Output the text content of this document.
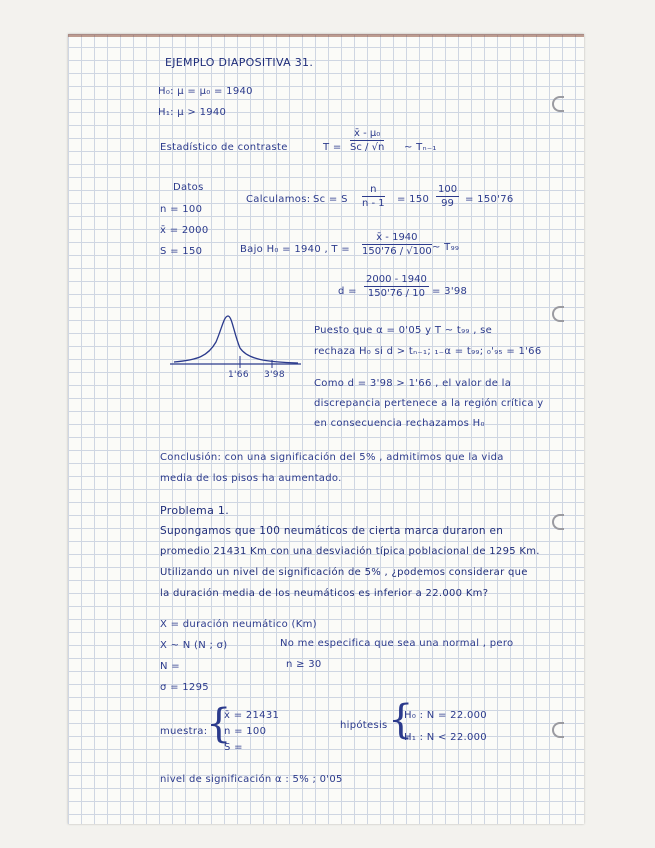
EJEMPLO DIAPOSITIVA 31.
H₀: μ = μ₀ = 1940
H₁: μ > 1940
Estadístico de contraste	$T = \frac{\text{x̄ - μ₀}}{Sc / √n}$ ~ Tₙ₋₁
Datos
n = 100
x̄ = 2000
S = 150
Calculamos: Sc = S $\frac{n}{n - 1} = 150 \frac{100}{99} = 150'76$
Bajo H₀ = 1940 , $T = \frac{x̄ - 1940}{150'76 / √100}$ ~ T₉₉
$d = \frac{2000 - 1940}{150'76 / 10} = 3'98$
1'66 3'98
Puesto que α = 0'05 y T ~ t₉₉ , se
rechaza H₀ si d > tₙ₋₁; ₁₋α = t₉₉; ₀'₉₅ = 1'66
Como d = 3'98 > 1'66 , el valor de la
discrepancia pertenece a la región crítica y
en consecuencia rechazamos H₀
Conclusión: con una significación del 5% , admitimos que la vida
media de los pisos ha aumentado.
Problema 1.
Supongamos que 100 neumáticos de cierta marca duraron en
promedio 21431 Km con una desviación típica poblacional de 1295 Km.
Utilizando un nivel de significación de 5% , ¿podemos considerar que
la duración media de los neumáticos es inferior a 22.000 Km?
X = duración neumático (Km)
X ~ N (N ; σ)	No me especifica que sea una normal , pero
N =	n ≥ 30
σ = 1295
muestra:
{
x̄ = 21431
n = 100
S =
hipótesis {
H₀ : N = 22.000
H₁ : N < 22.000
nivel de significación α : 5% ; 0'05
